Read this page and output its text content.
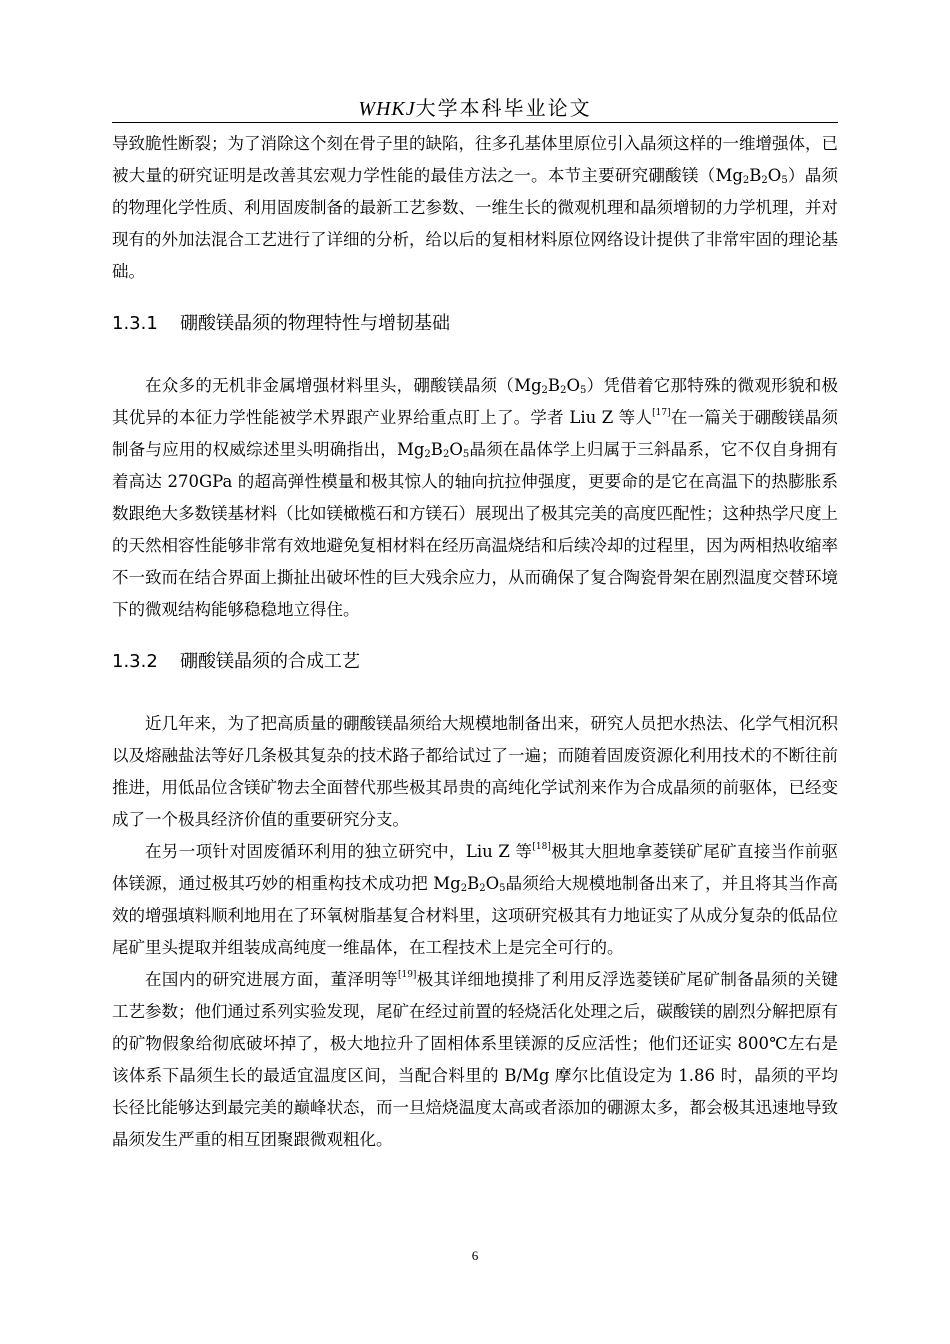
WHKJ大学本科毕业论文

导致脆性断裂；为了消除这个刻在骨子里的缺陷，往多孔基体里原位引入晶须这样的一维增强体，已被大量的研究证明是改善其宏观力学性能的最佳方法之一。本节主要研究硼酸镁$(Mg_2B_2O_5)$晶须的物理化学性质、利用固废制备的最新工艺参数、一维生长的微观机理和晶须增韧的力学机理，并对现有的外加法混合工艺进行了详细的分析，给以后的复相材料原位网络设计提供了非常牢固的理论基础。

1.3.1 硼酸镁晶须的物理特性与增韧基础

在众多的无机非金属增强材料里头，硼酸镁晶须$(Mg_2B_2O_5)$凭借着它那特殊的微观形貌和极其优异的本征力学性能被学术界跟产业界给重点盯上了。学者 Liu Z 等人[17]在一篇关于硼酸镁晶须制备与应用的权威综述里头明确指出，$Mg_2B_2O_5$晶须在晶体学上归属于三斜晶系，它不仅自身拥有着高达 270GPa 的超高弹性模量和极其惊人的轴向抗拉伸强度，更要命的是它在高温下的热膨胀系数跟绝大多数镁基材料（比如镁橄榄石和方镁石）展现出了极其完美的高度匹配性；这种热学尺度上的天然相容性能够非常有效地避免复相材料在经历高温烧结和后续冷却的过程里，因为两相热收缩率不一致而在结合界面上撕扯出破坏性的巨大残余应力，从而确保了复合陶瓷骨架在剧烈温度交替环境下的微观结构能够稳稳地立得住。

1.3.2 硼酸镁晶须的合成工艺

近几年来，为了把高质量的硼酸镁晶须给大规模地制备出来，研究人员把水热法、化学气相沉积以及熔融盐法等好几条极其复杂的技术路子都给试过了一遍；而随着固废资源化利用技术的不断往前推进，用低品位含镁矿物去全面替代那些极其昂贵的高纯化学试剂来作为合成晶须的前驱体，已经变成了一个极具经济价值的重要研究分支。

在另一项针对固废循环利用的独立研究中，Liu Z 等[18]极其大胆地拿菱镁矿尾矿直接当作前驱体镁源，通过极其巧妙的相重构技术成功把 $Mg_2B_2O_5$晶须给大规模地制备出来了，并且将其当作高效的增强填料顺利地用在了环氧树脂基复合材料里，这项研究极其有力地证实了从成分复杂的低品位尾矿里头提取并组装成高纯度一维晶体，在工程技术上是完全可行的。

在国内的研究进展方面，董泽明等[19]极其详细地摸排了利用反浮选菱镁矿尾矿制备晶须的关键工艺参数；他们通过系列实验发现，尾矿在经过前置的轻烧活化处理之后，碳酸镁的剧烈分解把原有的矿物假象给彻底破坏掉了，极大地拉升了固相体系里镁源的反应活性；他们还证实 800℃左右是该体系下晶须生长的最适宜温度区间，当配合料里的 B/Mg 摩尔比值设定为 1.86 时，晶须的平均长径比能够达到最完美的巅峰状态，而一旦焙烧温度太高或者添加的硼源太多，都会极其迅速地导致晶须发生严重的相互团聚跟微观粗化。

6
